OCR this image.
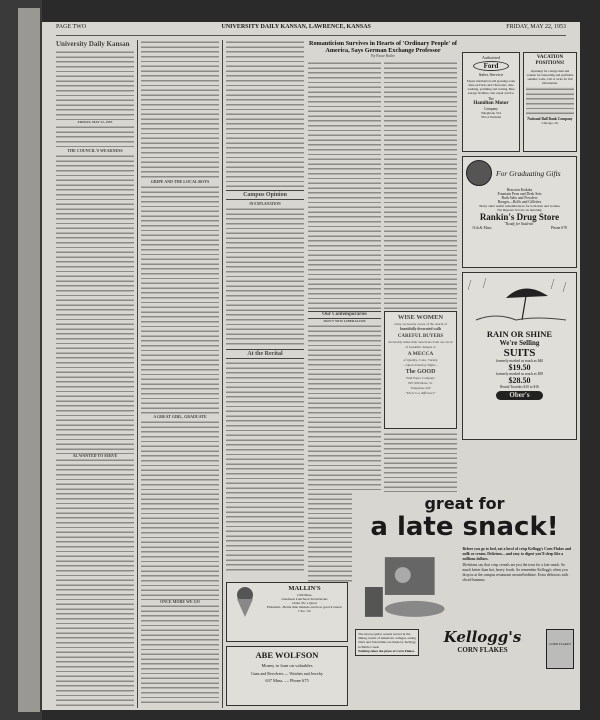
PAGE TWO	UNIVERSITY DAILY KANSAN, LAWRENCE, KANSAS	FRIDAY, MAY 22, 1953
University Daily Kansan
FRIDAY, MAY 22, 1953
THE COUNCIL'S WEAKNESS
AL WANTED TO SERVE
GRIPE AND THE LOCAL BOYS
A GREAT GIRL, GRADUATE
ONCE MORE WE GO
Campus Opinion
IN EXPLANATION
At the Recital
Romanticism Survives in Hearts of 'Ordinary People' of America, Says German Exchange Professor
By Bruce Butler
Our Contemporaries
DON'T NEW LIBERALISM	WISE WOMEN
today are keenly aware of the charm of
beautifully decorated walls
CAREFUL BUYERS
invariably make their selections from our stock of beautiful designs at
A MECCA
of Quality, Color, Variety
—Open Saturday Night—
The GOOD
Wall Paper Company
907-909 Mass. St.
Telephone 429
"There is a difference"
Authorized
Ford
Sales Service
Expert mechanical and greasing work done on Fords and Chevrolets. Also washing, polishing and waxing. Best storage facilities. Our repair service.
The
Hamilton Motor
Company
Telephone 314
702-4 Vermont
VACATION POSITIONS!
Openings for college men and women for interesting and profitable summer work. Call or write for full information.
National Ball Bank Company
Chicago, Ill.
For Graduating Gifts
Houston Kodaks
Fountain Pens and Desk Sets
Bath Salts and Powders
Rouges—Rolls and Gillettes
Many other useful remembrances for both men and women
The Regular Service on Saturday
Rankin's Drug Store
"Ready for Students"
11th & Mass	Phone 678
RAIN OR SHINE
We're Selling
SUITS
formerly marked as much as $40
$19.50
formerly marked as much as $50
$28.50
Rental Tuxedos $10 to $16
Ober's
great for
a late snack!
Before you go to bed, eat a bowl of crisp Kellogg's Corn Flakes and milk or cream. Delicious—and easy to digest you'll sleep like a millions dollars.
Dietitians say that crisp cereals are just the treat for a late snack. So much better than hot, heavy foods. So remember Kellogg's when you drop in at the campus restaurant around bedtime. Extra delicious with sliced bananas.
The most popular cereals served in the dining-rooms of American colleges, eating clubs and fraternities are made by Kellogg in Battle Creek.
Nothing takes the place of Corn Flakes.
Kellogg's
CORN FLAKES
CORN FLAKES
MALLIN'S
1109 Mass.
Luncheon Luncheon Strawberries
Order 25c a Quart
Elizabeth—Better than markets and how good it tastes!
1 lbs. 15c
ABE WOLFSON
Money to loan on valuables
Guns and Revolvers — Watches and Jewelry
637 Mass. — Phone 675
